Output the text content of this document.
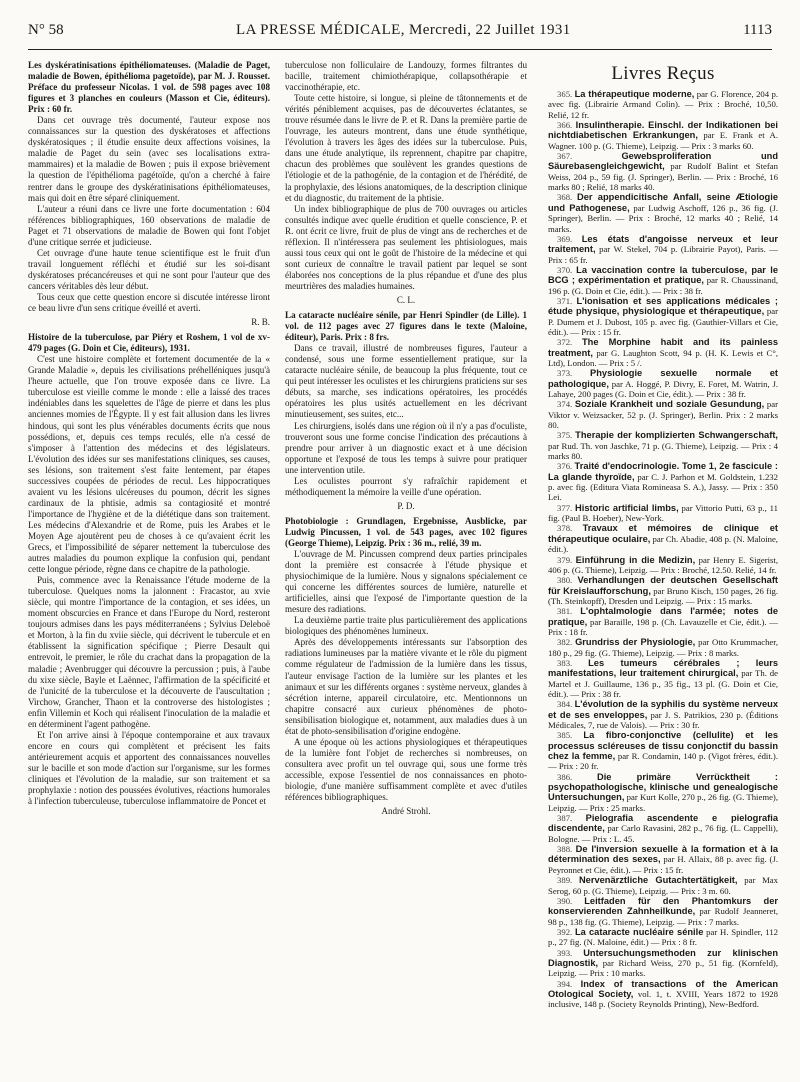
N° 58	LA PRESSE MÉDICALE, Mercredi, 22 Juillet 1931	1113

Les dyskératinisations épithéliomateuses. (Maladie de Paget, maladie de Bowen, épithélioma pagetoïde), par M. J. Rousset. Préface du professeur Nicolas. 1 vol. de 598 pages avec 108 figures et 3 planches en couleurs (Masson et Cie, éditeurs). Prix : 60 fr.

Dans cet ouvrage très documenté, l'auteur expose nos connaissances sur la question des dyskératoses et affections dyskératosiques ; il étudie ensuite deux affections voisines, la maladie de Paget du sein (avec ses localisations extra-mammaires) et la maladie de Bowen ; puis il expose brièvement la question de l'épithélioma pagétoïde, qu'on a cherché à faire rentrer dans le groupe des dyskératinisations épithéliomateuses, mais qui doit en être séparé cliniquement.

L'auteur a réuni dans ce livre une forte documentation : 604 références bibliographiques, 160 observations de maladie de Paget et 71 observations de maladie de Bowen qui font l'objet d'une critique serrée et judicieuse.

Cet ouvrage d'une haute tenue scientifique est le fruit d'un travail longuement réfléchi et étudié sur les soi-disant dyskératoses précancéreuses et qui ne sont pour l'auteur que des cancers véritables dès leur début.

Tous ceux que cette question encore si discutée intéresse liront ce beau livre d'un sens critique éveillé et averti.

R. B.

Histoire de la tuberculose, par Piéry et Roshem, 1 vol de xv-479 pages (G. Doin et Cie, éditeurs), 1931.

C'est une histoire complète et fortement documentée de la « Grande Maladie », depuis les civilisations préhelléniques jusqu'à l'heure actuelle, que l'on trouve exposée dans ce livre. La tuberculose est vieille comme le monde : elle a laissé des traces indéniables dans les squelettes de l'âge de pierre et dans les plus anciennes momies de l'Égypte. Il y est fait allusion dans les livres hindous, qui sont les plus vénérables documents écrits que nous possédions, et, depuis ces temps reculés, elle n'a cessé de s'imposer à l'attention des médecins et des législateurs. L'évolution des idées sur ses manifestations cliniques, ses causes, ses lésions, son traitement s'est faite lentement, par étapes successives coupées de périodes de recul. Les hippocratiques avaient vu les lésions ulcéreuses du poumon, décrit les signes cardinaux de la phtisie, admis sa contagiosité et montré l'importance de l'hygiène et de la diététique dans son traitement. Les médecins d'Alexandrie et de Rome, puis les Arabes et le Moyen Age ajoutèrent peu de choses à ce qu'avaient écrit les Grecs, et l'impossibilité de séparer nettement la tuberculose des autres maladies du poumon explique la confusion qui, pendant cette longue période, règne dans ce chapitre de la pathologie.

Puis, commence avec la Renaissance l'étude moderne de la tuberculose. Quelques noms la jalonnent : Fracastor, au xvie siècle, qui montre l'importance de la contagion, et ses idées, un moment obscurcies en France et dans l'Europe du Nord, resteront toujours admises dans les pays méditerranéens ; Sylvius Deleboë et Morton, à la fin du xviie siècle, qui décrivent le tubercule et en établissent la signification spécifique ; Pierre Desault qui entrevoit, le premier, le rôle du crachat dans la propagation de la maladie ; Avenbrugger qui découvre la percussion ; puis, à l'aube du xixe siècle, Bayle et Laënnec, l'affirmation de la spécificité et de l'unicité de la tuberculose et la découverte de l'auscultation ; Virchow, Grancher, Thaon et la controverse des histologistes ; enfin Villemin et Koch qui réalisent l'inoculation de la maladie et en déterminent l'agent pathogène.

Et l'on arrive ainsi à l'époque contemporaine et aux travaux encore en cours qui complètent et précisent les faits antérieurement acquis et apportent des connaissances nouvelles sur le bacille et son mode d'action sur l'organisme, sur les formes cliniques et l'évolution de la maladie, sur son traitement et sa prophylaxie : notion des poussées évolutives, réactions humorales à l'infection tuberculeuse, tuberculose inflammatoire de Poncet et

tuberculose non folliculaire de Landouzy, formes filtrantes du bacille, traitement chimiothérapique, collapsothérapie et vaccinothérapie, etc.

Toute cette histoire, si longue, si pleine de tâtonnements et de vérités péniblement acquises, pas de découvertes éclatantes, se trouve résumée dans le livre de P. et R. Dans la première partie de l'ouvrage, les auteurs montrent, dans une étude synthétique, l'évolution à travers les âges des idées sur la tuberculose. Puis, dans une étude analytique, ils reprennent, chapitre par chapitre, chacun des problèmes que soulèvent les grandes questions de l'étiologie et de la pathogénie, de la contagion et de l'hérédité, de la prophylaxie, des lésions anatomiques, de la description clinique et du diagnostic, du traitement de la phtisie.

Un index bibliographique de plus de 700 ouvrages ou articles consultés indique avec quelle érudition et quelle conscience, P. et R. ont écrit ce livre, fruit de plus de vingt ans de recherches et de réflexion. Il n'intéressera pas seulement les phtisiologues, mais aussi tous ceux qui ont le goût de l'histoire de la médecine et qui sont curieux de connaître le travail patient par lequel se sont élaborées nos conceptions de la plus répandue et d'une des plus meurtrières des maladies humaines.

C. L.

La cataracte nucléaire sénile, par Henri Spindler (de Lille). 1 vol. de 112 pages avec 27 figures dans le texte (Maloine, éditeur), Paris. Prix : 8 frs.

Dans ce travail, illustré de nombreuses figures, l'auteur a condensé, sous une forme essentiellement pratique, sur la cataracte nucléaire sénile, de beaucoup la plus fréquente, tout ce qui peut intéresser les oculistes et les chirurgiens praticiens sur ses débuts, sa marche, ses indications opératoires, les procédés opératoires les plus usités actuellement en les décrivant minutieusement, ses suites, etc...

Les chirurgiens, isolés dans une région où il n'y a pas d'oculiste, trouveront sous une forme concise l'indication des précautions à prendre pour arriver à un diagnostic exact et à une décision opportune et l'exposé de tous les temps à suivre pour pratiquer une intervention utile.

Les oculistes pourront s'y rafraîchir rapidement et méthodiquement la mémoire la veille d'une opération.

P. D.

Photobiologie : Grundlagen, Ergebnisse, Ausblicke, par Ludwig Pincussen, 1 vol. de 543 pages, avec 102 figures (George Thieme), Leipzig. Prix : 36 m., relié, 39 m.

L'ouvrage de M. Pincussen comprend deux parties principales dont la première est consacrée à l'étude physique et physiochimique de la lumière. Nous y signalons spécialement ce qui concerne les différentes sources de lumière, naturelle et artificielles, ainsi que l'exposé de l'importante question de la mesure des radiations.

La deuxième partie traite plus particulièrement des applications biologiques des phénomènes lumineux.

Après des développements intéressants sur l'absorption des radiations lumineuses par la matière vivante et le rôle du pigment comme régulateur de l'admission de la lumière dans les tissus, l'auteur envisage l'action de la lumière sur les plantes et les animaux et sur les différents organes : système nerveux, glandes à sécrétion interne, appareil circulatoire, etc. Mentionnons un chapitre consacré aux curieux phénomènes de photo-sensibilisation biologique et, notamment, aux maladies dues à un état de photo-sensibilisation d'origine endogène.

A une époque où les actions physiologiques et thérapeutiques de la lumière font l'objet de recherches si nombreuses, on consultera avec profit un tel ouvrage qui, sous une forme très accessible, expose l'essentiel de nos connaissances en photo-biologie, d'une manière suffisamment complète et avec d'utiles références bibliographiques.

André Strohl.

Livres Reçus

365. La thérapeutique moderne, par G. Florence, 204 p. avec fig. (Librairie Armand Colin). — Prix : Broché, 10,50. Relié, 12 fr.

366. Insulintherapie. Einschl. der Indikationen bei nichtdiabetischen Erkrankungen, par E. Frank et A. Wagner. 100 p. (G. Thieme), Leipzig. — Prix : 3 marks 60.

367. Gewebsproliferation und Säurebasengleichgewicht, par Rudolf Balint et Stefan Weiss, 204 p., 59 fig. (J. Springer), Berlin. — Prix : Broché, 16 marks 80 ; Relié, 18 marks 40.

368. Der appendicitische Anfall, seine Ætiologie und Pathogenese, par Ludwig Aschoff, 126 p., 36 fig. (J. Springer), Berlin. — Prix : Broché, 12 marks 40 ; Relié, 14 marks.

369. Les états d'angoisse nerveux et leur traitement, par W. Stekel, 704 p. (Librairie Payot), Paris. — Prix : 65 fr.

370. La vaccination contre la tuberculose, par le BCG ; expérimentation et pratique, par R. Chaussinand, 196 p. (G. Doin et Cie, édit.). — Prix : 38 fr.

371. L'ionisation et ses applications médicales ; étude physique, physiologique et thérapeutique, par P. Dumem et J. Dubost, 105 p. avec fig. (Gauthier-Villars et Cie, édit.). — Prix : 15 fr.

372. The Morphine habit and its painless treatment, par G. Laughton Scott, 94 p. (H. K. Lewis et C°, Ltd), London. — Prix : 5 /.

373. Physiologie sexuelle normale et pathologique, par A. Hoggé, P. Divry, E. Foret, M. Watrin, J. Lahaye, 200 pages (G. Doin et Cie, édit.). — Prix : 38 fr.

374. Soziale Krankheit und soziale Gesundung, par Viktor v. Weizsacker, 52 p. (J. Springer), Berlin. Prix : 2 marks 80.

375. Therapie der komplizierten Schwangerschaft, par Rud. Th. von Jaschke, 71 p. (G. Thieme), Leipzig. — Prix : 4 marks 80.

376. Traité d'endocrinologie. Tome 1, 2e fascicule : La glande thyroïde, par C. J. Parhon et M. Goldstein, 1.232 p. avec fig. (Editura Viata Romineasa S. A.), Jassy. — Prix : 350 Lei.

377. Historic artificial limbs, par Vittorio Putti, 63 p., 11 fig. (Paul B. Hoeber), New-York.

378. Travaux et mémoires de clinique et thérapeutique oculaire, par Ch. Abadie, 408 p. (N. Maloine, édit.).

379. Einführung in die Medizin, par Henry E. Sigerist, 406 p. (G. Thieme), Leipzig. — Prix : Broché, 12.50. Relié, 14 fr.

380. Verhandlungen der deutschen Gesellschaft für Kreislaufforschung, par Bruno Kisch, 150 pages, 26 fig. (Th. Steinkopff), Dresden und Leipzig. — Prix : 15 marks.

381. L'ophtalmologie dans l'armée; notes de pratique, par Baraille, 198 p. (Ch. Lavauzelle et Cie, édit.). — Prix : 18 fr.

382. Grundriss der Physiologie, par Otto Krummacher, 180 p., 29 fig. (G. Thieme), Leipzig. — Prix : 8 marks.

383. Les tumeurs cérébrales ; leurs manifestations, leur traitement chirurgical, par Th. de Martel et J. Guillaume, 136 p., 35 fig., 13 pl. (G. Doin et Cie, édit.). — Prix : 38 fr.

384. L'évolution de la syphilis du système nerveux et de ses enveloppes, par J. S. Patrikios, 230 p. (Éditions Médicales, 7, rue de Valois). — Prix : 30 fr.

385. La fibro-conjonctive (cellulite) et les processus scléreuses de tissu conjonctif du bassin chez la femme, par R. Condamin, 140 p. (Vigot frères, édit.). — Prix : 20 fr.

386. Die primäre Verrücktheit : psychopathologische, klinische und genealogische Untersuchungen, par Kurt Kolle, 270 p., 26 fig. (G. Thieme), Leipzig. — Prix : 25 marks.

387. Pielografia ascendente e pielografia discendente, par Carlo Ravasini, 282 p., 76 fig. (L. Cappelli), Bologne. — Prix : L. 45.

388. De l'inversion sexuelle à la formation et à la détermination des sexes, par H. Allaix, 88 p. avec fig. (J. Peyronnet et Cie, édit.). — Prix : 15 fr.

389. Nervenärztliche Gutachtertätigkeit, par Max Serog, 60 p. (G. Thieme), Leipzig. — Prix : 3 m. 60.

390. Leitfaden für den Phantomkurs der konservierenden Zahnheilkunde, par Rudolf Jeanneret, 98 p., 138 fig. (G. Thieme), Leipzig. — Prix : 7 marks.

392. La cataracte nucléaire sénile par H. Spindler, 112 p., 27 fig. (N. Maloine, édit.) — Prix : 8 fr.

393. Untersuchungsmethoden zur klinischen Diagnostik, par Richard Weiss, 270 p., 51 fig. (Kornfeld), Leipzig. — Prix : 10 marks.

394. Index of transactions of the American Otological Society, vol. 1, t. XVIII, Years 1872 to 1928 inclusive, 148 p. (Society Reynolds Printing), New-Bedford.
